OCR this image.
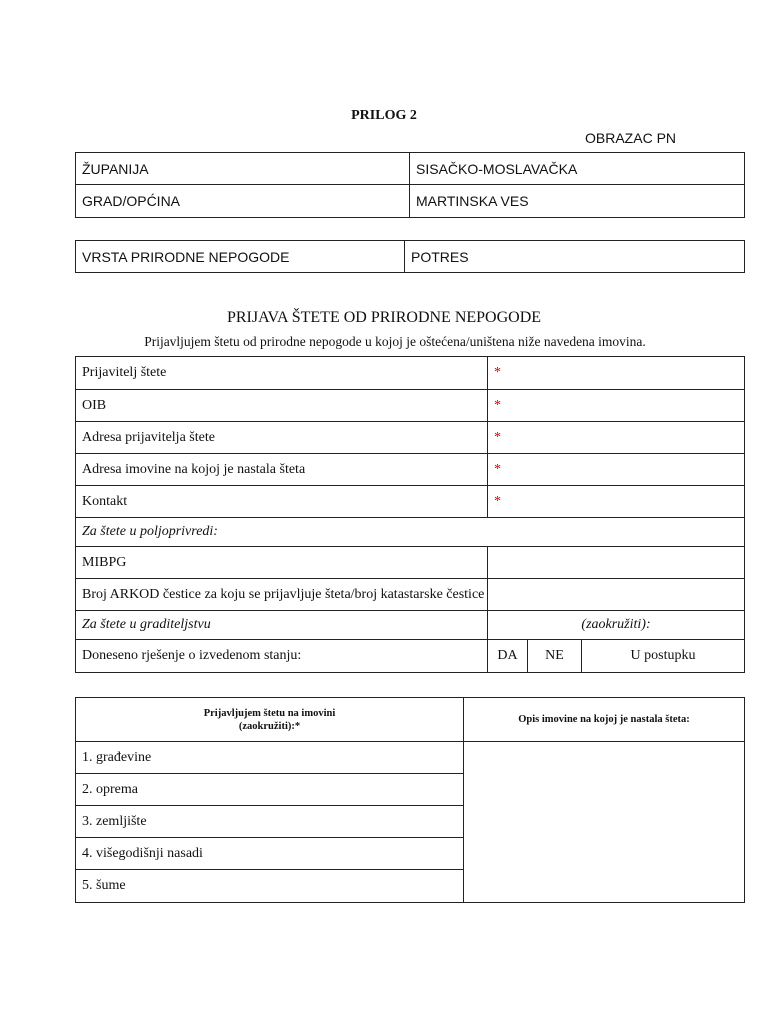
PRILOG 2
OBRAZAC PN
ŽUPANIJA	SISAČKO-MOSLAVAČKA
GRAD/OPĆINA	MARTINSKA VES
VRSTA PRIRODNE NEPOGODE	POTRES
PRIJAVA ŠTETE OD PRIRODNE NEPOGODE
Prijavljujem štetu od prirodne nepogode u kojoj je oštećena/uništena niže navedena imovina.
Prijavitelj štete	*		
OIB	*		
Adresa prijavitelja štete	*		
Adresa imovine na kojoj je nastala šteta	*		
Kontakt	*		
Za štete u poljoprivredi:			
MIBPG			
Broj ARKOD čestice za koju se prijavljuje šteta/broj katastarske čestice			
Za štete u graditeljstvu	(zaokružiti):		
Doneseno rješenje o izvedenom stanju:	DA	NE	U postupku
Prijavljujem štetu na imovini
(zaokružiti):*	Opis imovine na kojoj je nastala šteta:
1. građevine	
2. oprema	
3. zemljište	
4. višegodišnji nasadi	
5. šume	
